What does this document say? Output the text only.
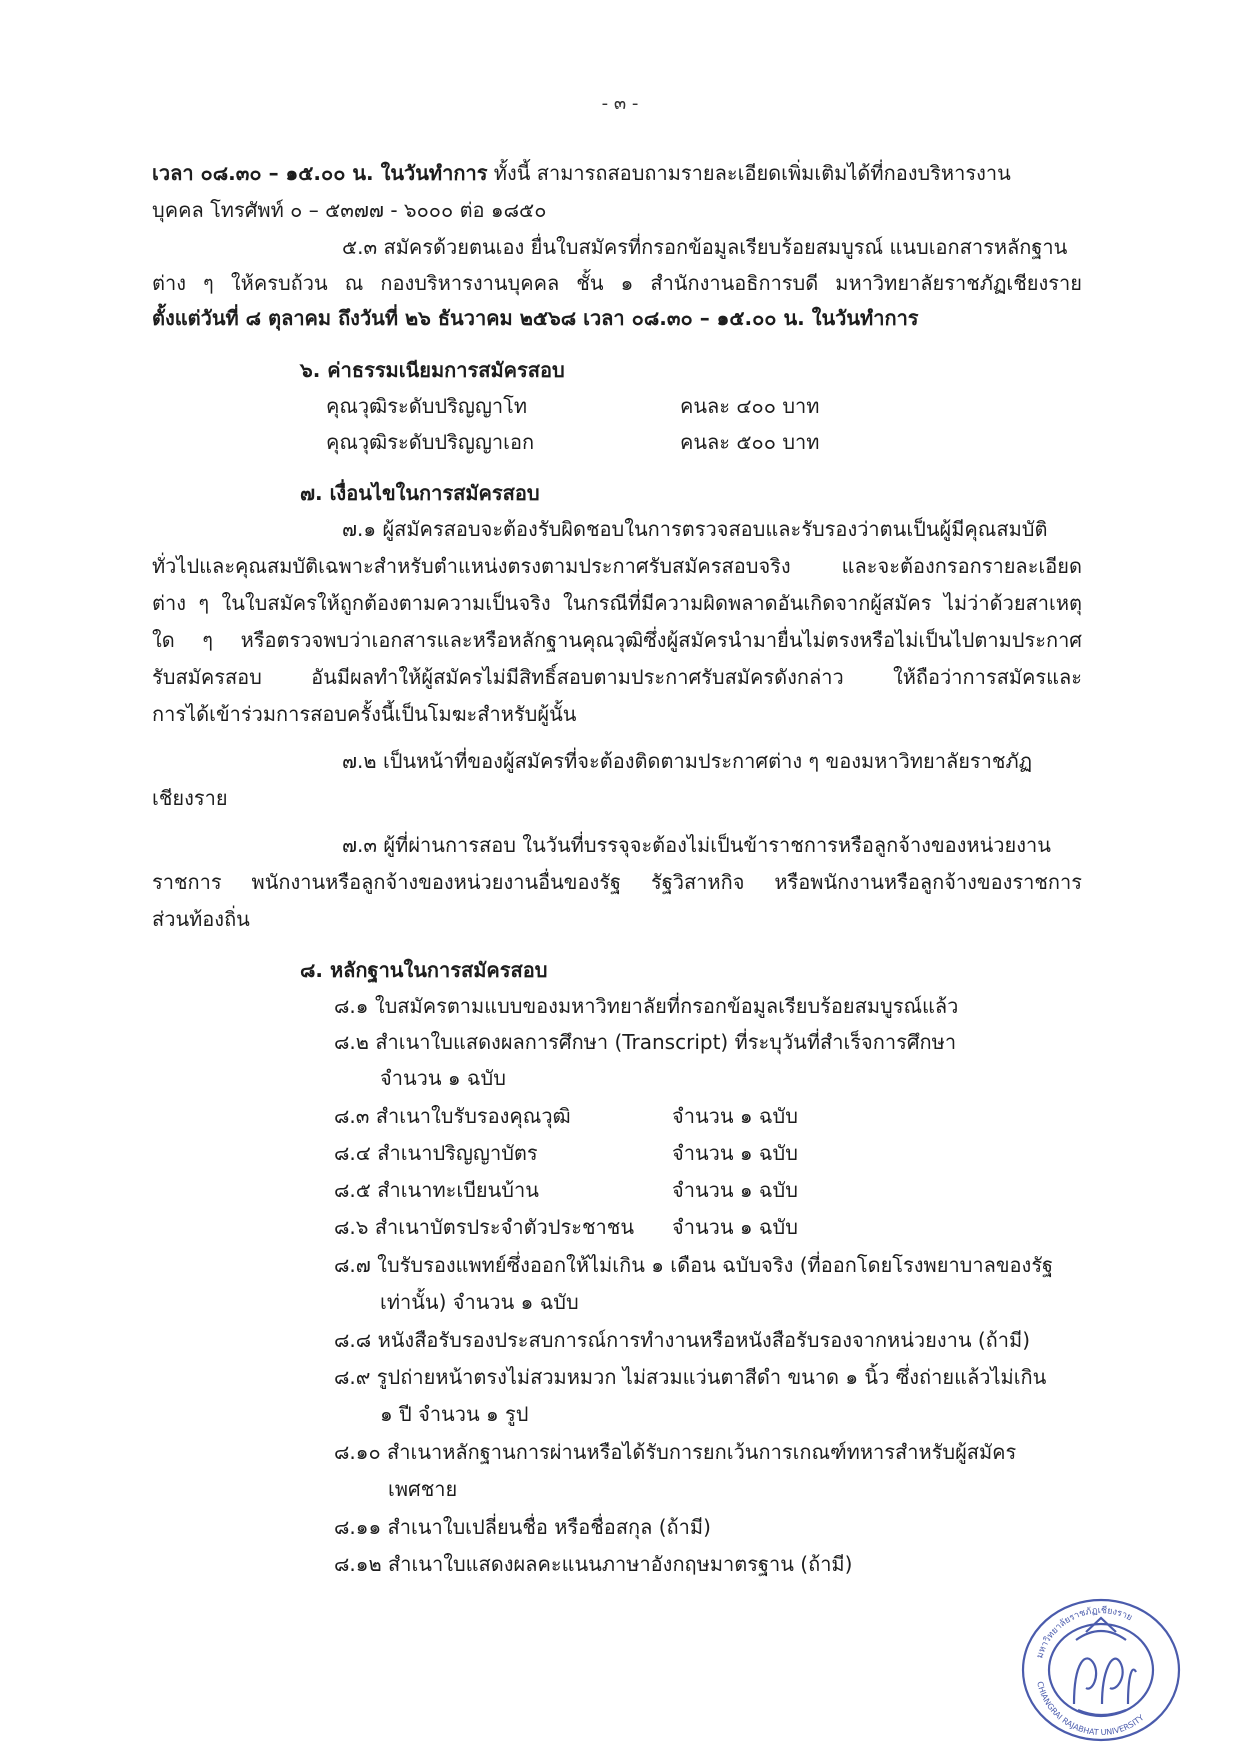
- ๓ -
เวลา ๐๘.๓๐ – ๑๕.๐๐ น. ในวันทำการ ทั้งนี้ สามารถสอบถามรายละเอียดเพิ่มเติมได้ที่กองบริหารงาน
บุคคล โทรศัพท์ ๐ – ๕๓๗๗ - ๖๐๐๐ ต่อ ๑๘๕๐
๕.๓ สมัครด้วยตนเอง ยื่นใบสมัครที่กรอกข้อมูลเรียบร้อยสมบูรณ์ แนบเอกสารหลักฐาน
ต่าง ๆ ให้ครบถ้วน ณ กองบริหารงานบุคคล ชั้น ๑ สำนักงานอธิการบดี มหาวิทยาลัยราชภัฏเชียงราย
ตั้งแต่วันที่ ๘ ตุลาคม ถึงวันที่ ๒๖ ธันวาคม ๒๕๖๘ เวลา ๐๘.๓๐ – ๑๕.๐๐ น. ในวันทำการ
๖. ค่าธรรมเนียมการสมัครสอบ
คุณวุฒิระดับปริญญาโท	คนละ ๔๐๐ บาท
คุณวุฒิระดับปริญญาเอก	คนละ ๕๐๐ บาท
๗. เงื่อนไขในการสมัครสอบ
๗.๑ ผู้สมัครสอบจะต้องรับผิดชอบในการตรวจสอบและรับรองว่าตนเป็นผู้มีคุณสมบัติ
ทั่วไปและคุณสมบัติเฉพาะสำหรับตำแหน่งตรงตามประกาศรับสมัครสอบจริง และจะต้องกรอกรายละเอียด
ต่าง ๆ ในใบสมัครให้ถูกต้องตามความเป็นจริง ในกรณีที่มีความผิดพลาดอันเกิดจากผู้สมัคร ไม่ว่าด้วยสาเหตุ
ใด ๆ หรือตรวจพบว่าเอกสารและหรือหลักฐานคุณวุฒิซึ่งผู้สมัครนำมายื่นไม่ตรงหรือไม่เป็นไปตามประกาศ
รับสมัครสอบ อันมีผลทำให้ผู้สมัครไม่มีสิทธิ์สอบตามประกาศรับสมัครดังกล่าว ให้ถือว่าการสมัครและ
การได้เข้าร่วมการสอบครั้งนี้เป็นโมฆะสำหรับผู้นั้น
๗.๒ เป็นหน้าที่ของผู้สมัครที่จะต้องติดตามประกาศต่าง ๆ ของมหาวิทยาลัยราชภัฏ
เชียงราย
๗.๓ ผู้ที่ผ่านการสอบ ในวันที่บรรจุจะต้องไม่เป็นข้าราชการหรือลูกจ้างของหน่วยงาน
ราชการ พนักงานหรือลูกจ้างของหน่วยงานอื่นของรัฐ รัฐวิสาหกิจ หรือพนักงานหรือลูกจ้างของราชการ
ส่วนท้องถิ่น
๘. หลักฐานในการสมัครสอบ
๘.๑ ใบสมัครตามแบบของมหาวิทยาลัยที่กรอกข้อมูลเรียบร้อยสมบูรณ์แล้ว
๘.๒ สำเนาใบแสดงผลการศึกษา (Transcript) ที่ระบุวันที่สำเร็จการศึกษา
จำนวน ๑ ฉบับ
๘.๓ สำเนาใบรับรองคุณวุฒิ	จำนวน ๑ ฉบับ
๘.๔ สำเนาปริญญาบัตร	จำนวน ๑ ฉบับ
๘.๕ สำเนาทะเบียนบ้าน	จำนวน ๑ ฉบับ
๘.๖ สำเนาบัตรประจำตัวประชาชน จำนวน ๑ ฉบับ
๘.๗ ใบรับรองแพทย์ซึ่งออกให้ไม่เกิน ๑ เดือน ฉบับจริง (ที่ออกโดยโรงพยาบาลของรัฐ
เท่านั้น) จำนวน ๑ ฉบับ
๘.๘ หนังสือรับรองประสบการณ์การทำงานหรือหนังสือรับรองจากหน่วยงาน (ถ้ามี)
๘.๙ รูปถ่ายหน้าตรงไม่สวมหมวก ไม่สวมแว่นตาสีดำ ขนาด ๑ นิ้ว ซึ่งถ่ายแล้วไม่เกิน
๑ ปี จำนวน ๑ รูป
๘.๑๐ สำเนาหลักฐานการผ่านหรือได้รับการยกเว้นการเกณฑ์ทหารสำหรับผู้สมัคร
เพศชาย
๘.๑๑ สำเนาใบเปลี่ยนชื่อ หรือชื่อสกุล (ถ้ามี)
๘.๑๒ สำเนาใบแสดงผลคะแนนภาษาอังกฤษมาตรฐาน (ถ้ามี)
มหาวิทยาลัยราชภัฏเชียงราย
CHIANGRAI RAJABHAT UNIVERSITY
